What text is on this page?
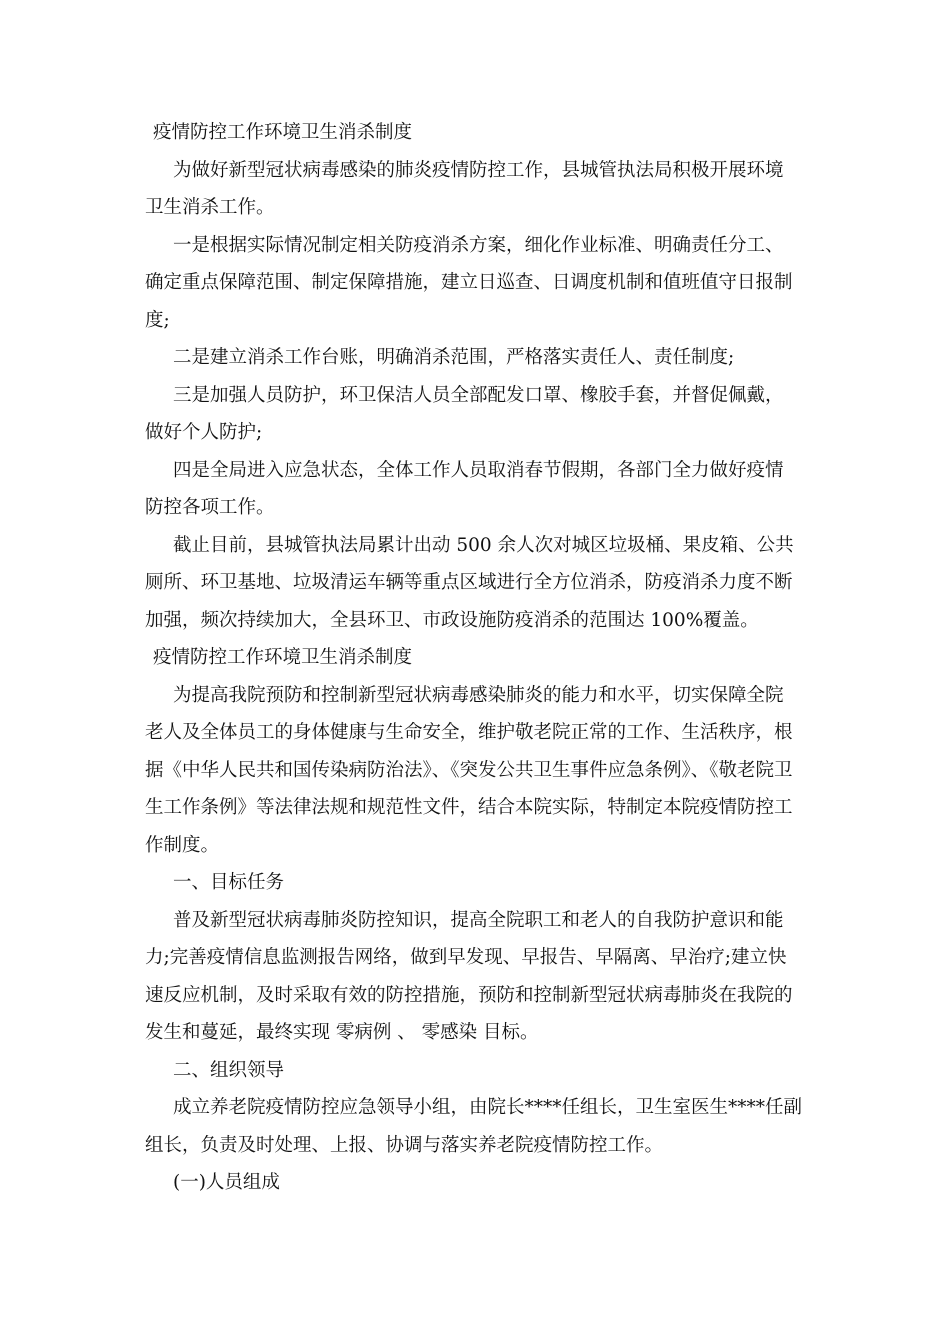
疫情防控工作环境卫生消杀制度
为做好新型冠状病毒感染的肺炎疫情防控工作，县城管执法局积极开展环境
卫生消杀工作。
一是根据实际情况制定相关防疫消杀方案，细化作业标准、明确责任分工、
确定重点保障范围、制定保障措施，建立日巡查、日调度机制和值班值守日报制
度;
二是建立消杀工作台账，明确消杀范围，严格落实责任人、责任制度;
三是加强人员防护，环卫保洁人员全部配发口罩、橡胶手套，并督促佩戴，
做好个人防护;
四是全局进入应急状态，全体工作人员取消春节假期，各部门全力做好疫情
防控各项工作。
截止目前，县城管执法局累计出动 500 余人次对城区垃圾桶、果皮箱、公共
厕所、环卫基地、垃圾清运车辆等重点区域进行全方位消杀，防疫消杀力度不断
加强，频次持续加大，全县环卫、市政设施防疫消杀的范围达 100%覆盖。
疫情防控工作环境卫生消杀制度
为提高我院预防和控制新型冠状病毒感染肺炎的能力和水平，切实保障全院
老人及全体员工的身体健康与生命安全，维护敬老院正常的工作、生活秩序，根
据《中华人民共和国传染病防治法》、《突发公共卫生事件应急条例》、《敬老院卫
生工作条例》等法律法规和规范性文件，结合本院实际，特制定本院疫情防控工
作制度。
一、目标任务
普及新型冠状病毒肺炎防控知识，提高全院职工和老人的自我防护意识和能
力;完善疫情信息监测报告网络，做到早发现、早报告、早隔离、早治疗;建立快
速反应机制，及时采取有效的防控措施，预防和控制新型冠状病毒肺炎在我院的
发生和蔓延，最终实现 零病例 、 零感染 目标。
二、组织领导
成立养老院疫情防控应急领导小组，由院长****任组长，卫生室医生****任副
组长，负责及时处理、上报、协调与落实养老院疫情防控工作。
(一)人员组成
